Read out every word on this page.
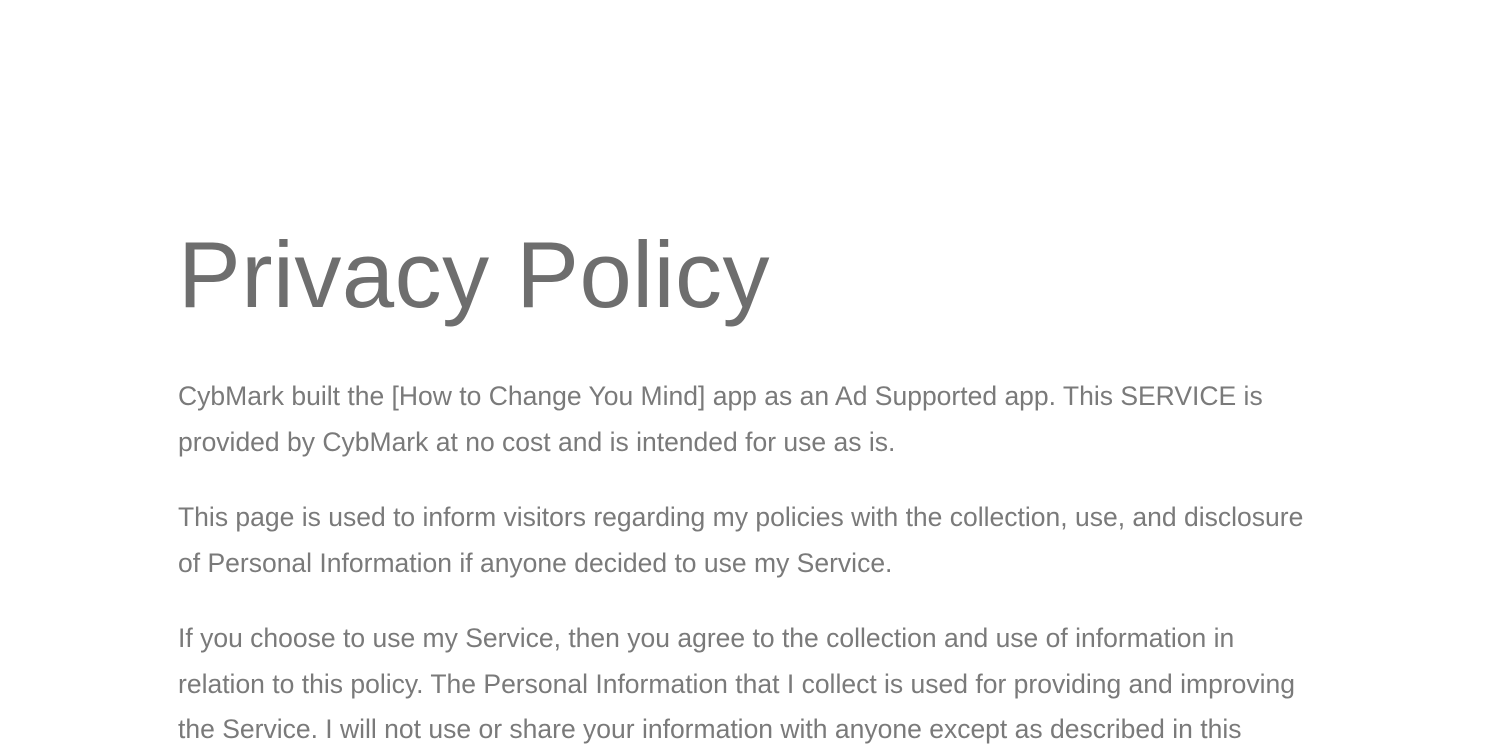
Privacy Policy

CybMark built the [How to Change You Mind] app as an Ad Supported app. This SERVICE is
provided by CybMark at no cost and is intended for use as is.

This page is used to inform visitors regarding my policies with the collection, use, and disclosure
of Personal Information if anyone decided to use my Service.

If you choose to use my Service, then you agree to the collection and use of information in
relation to this policy. The Personal Information that I collect is used for providing and improving
the Service. I will not use or share your information with anyone except as described in this
